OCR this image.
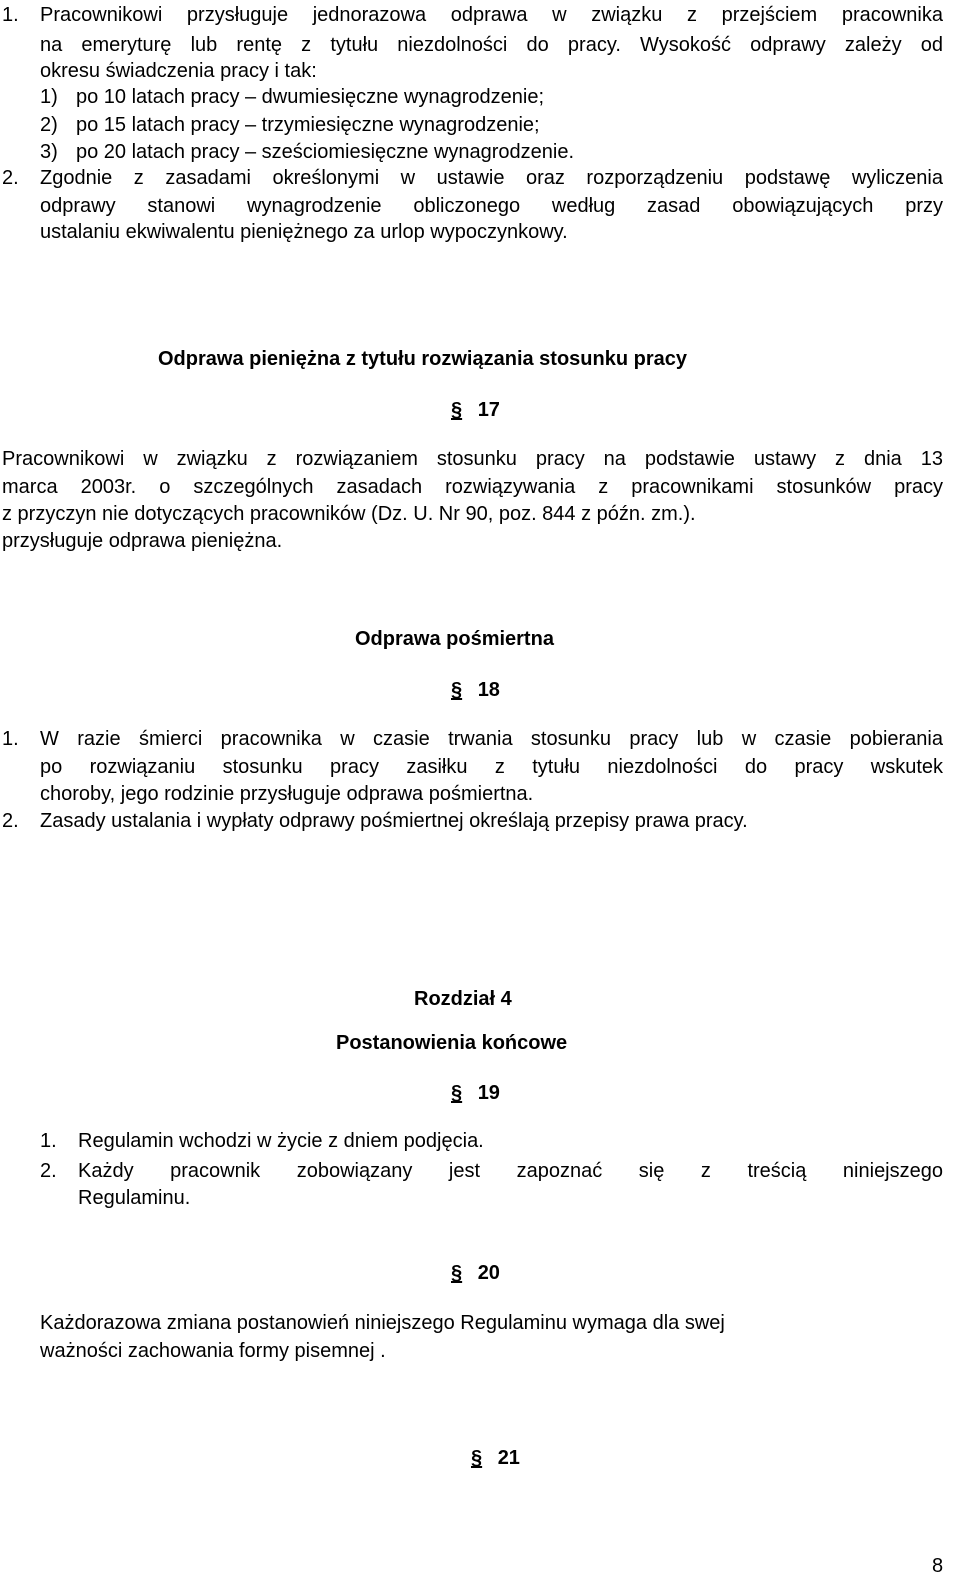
1. Pracownikowi przysługuje jednorazowa odprawa w związku z przejściem pracownika
na emeryturę lub rentę z tytułu niezdolności do pracy. Wysokość odprawy zależy od
okresu świadczenia pracy i tak:
1) po 10 latach pracy – dwumiesięczne wynagrodzenie;
2) po 15 latach pracy – trzymiesięczne wynagrodzenie;
3) po 20 latach pracy – sześciomiesięczne wynagrodzenie.
2. Zgodnie z zasadami określonymi w ustawie oraz rozporządzeniu podstawę wyliczenia
odprawy stanowi wynagrodzenie obliczonego według zasad obowiązujących przy
ustalaniu ekwiwalentu pieniężnego za urlop wypoczynkowy.
Odprawa pieniężna z tytułu rozwiązania stosunku pracy
§ 17
Pracownikowi w związku z rozwiązaniem stosunku pracy na podstawie ustawy z dnia 13
marca 2003r. o szczególnych zasadach rozwiązywania z pracownikami stosunków pracy
z przyczyn nie dotyczących pracowników (Dz. U. Nr 90, poz. 844 z późn. zm.).
przysługuje odprawa pieniężna.
Odprawa pośmiertna
§ 18
1. W razie śmierci pracownika w czasie trwania stosunku pracy lub w czasie pobierania
po rozwiązaniu stosunku pracy zasiłku z tytułu niezdolności do pracy wskutek
choroby, jego rodzinie przysługuje odprawa pośmiertna.
2. Zasady ustalania i wypłaty odprawy pośmiertnej określają przepisy prawa pracy.
Rozdział 4
Postanowienia końcowe
§ 19
1. Regulamin wchodzi w życie z dniem podjęcia.
2. Każdy pracownik zobowiązany jest zapoznać się z treścią niniejszego
Regulaminu.
§ 20
Każdorazowa zmiana postanowień niniejszego Regulaminu wymaga dla swej
ważności zachowania formy pisemnej .
§ 21
8
